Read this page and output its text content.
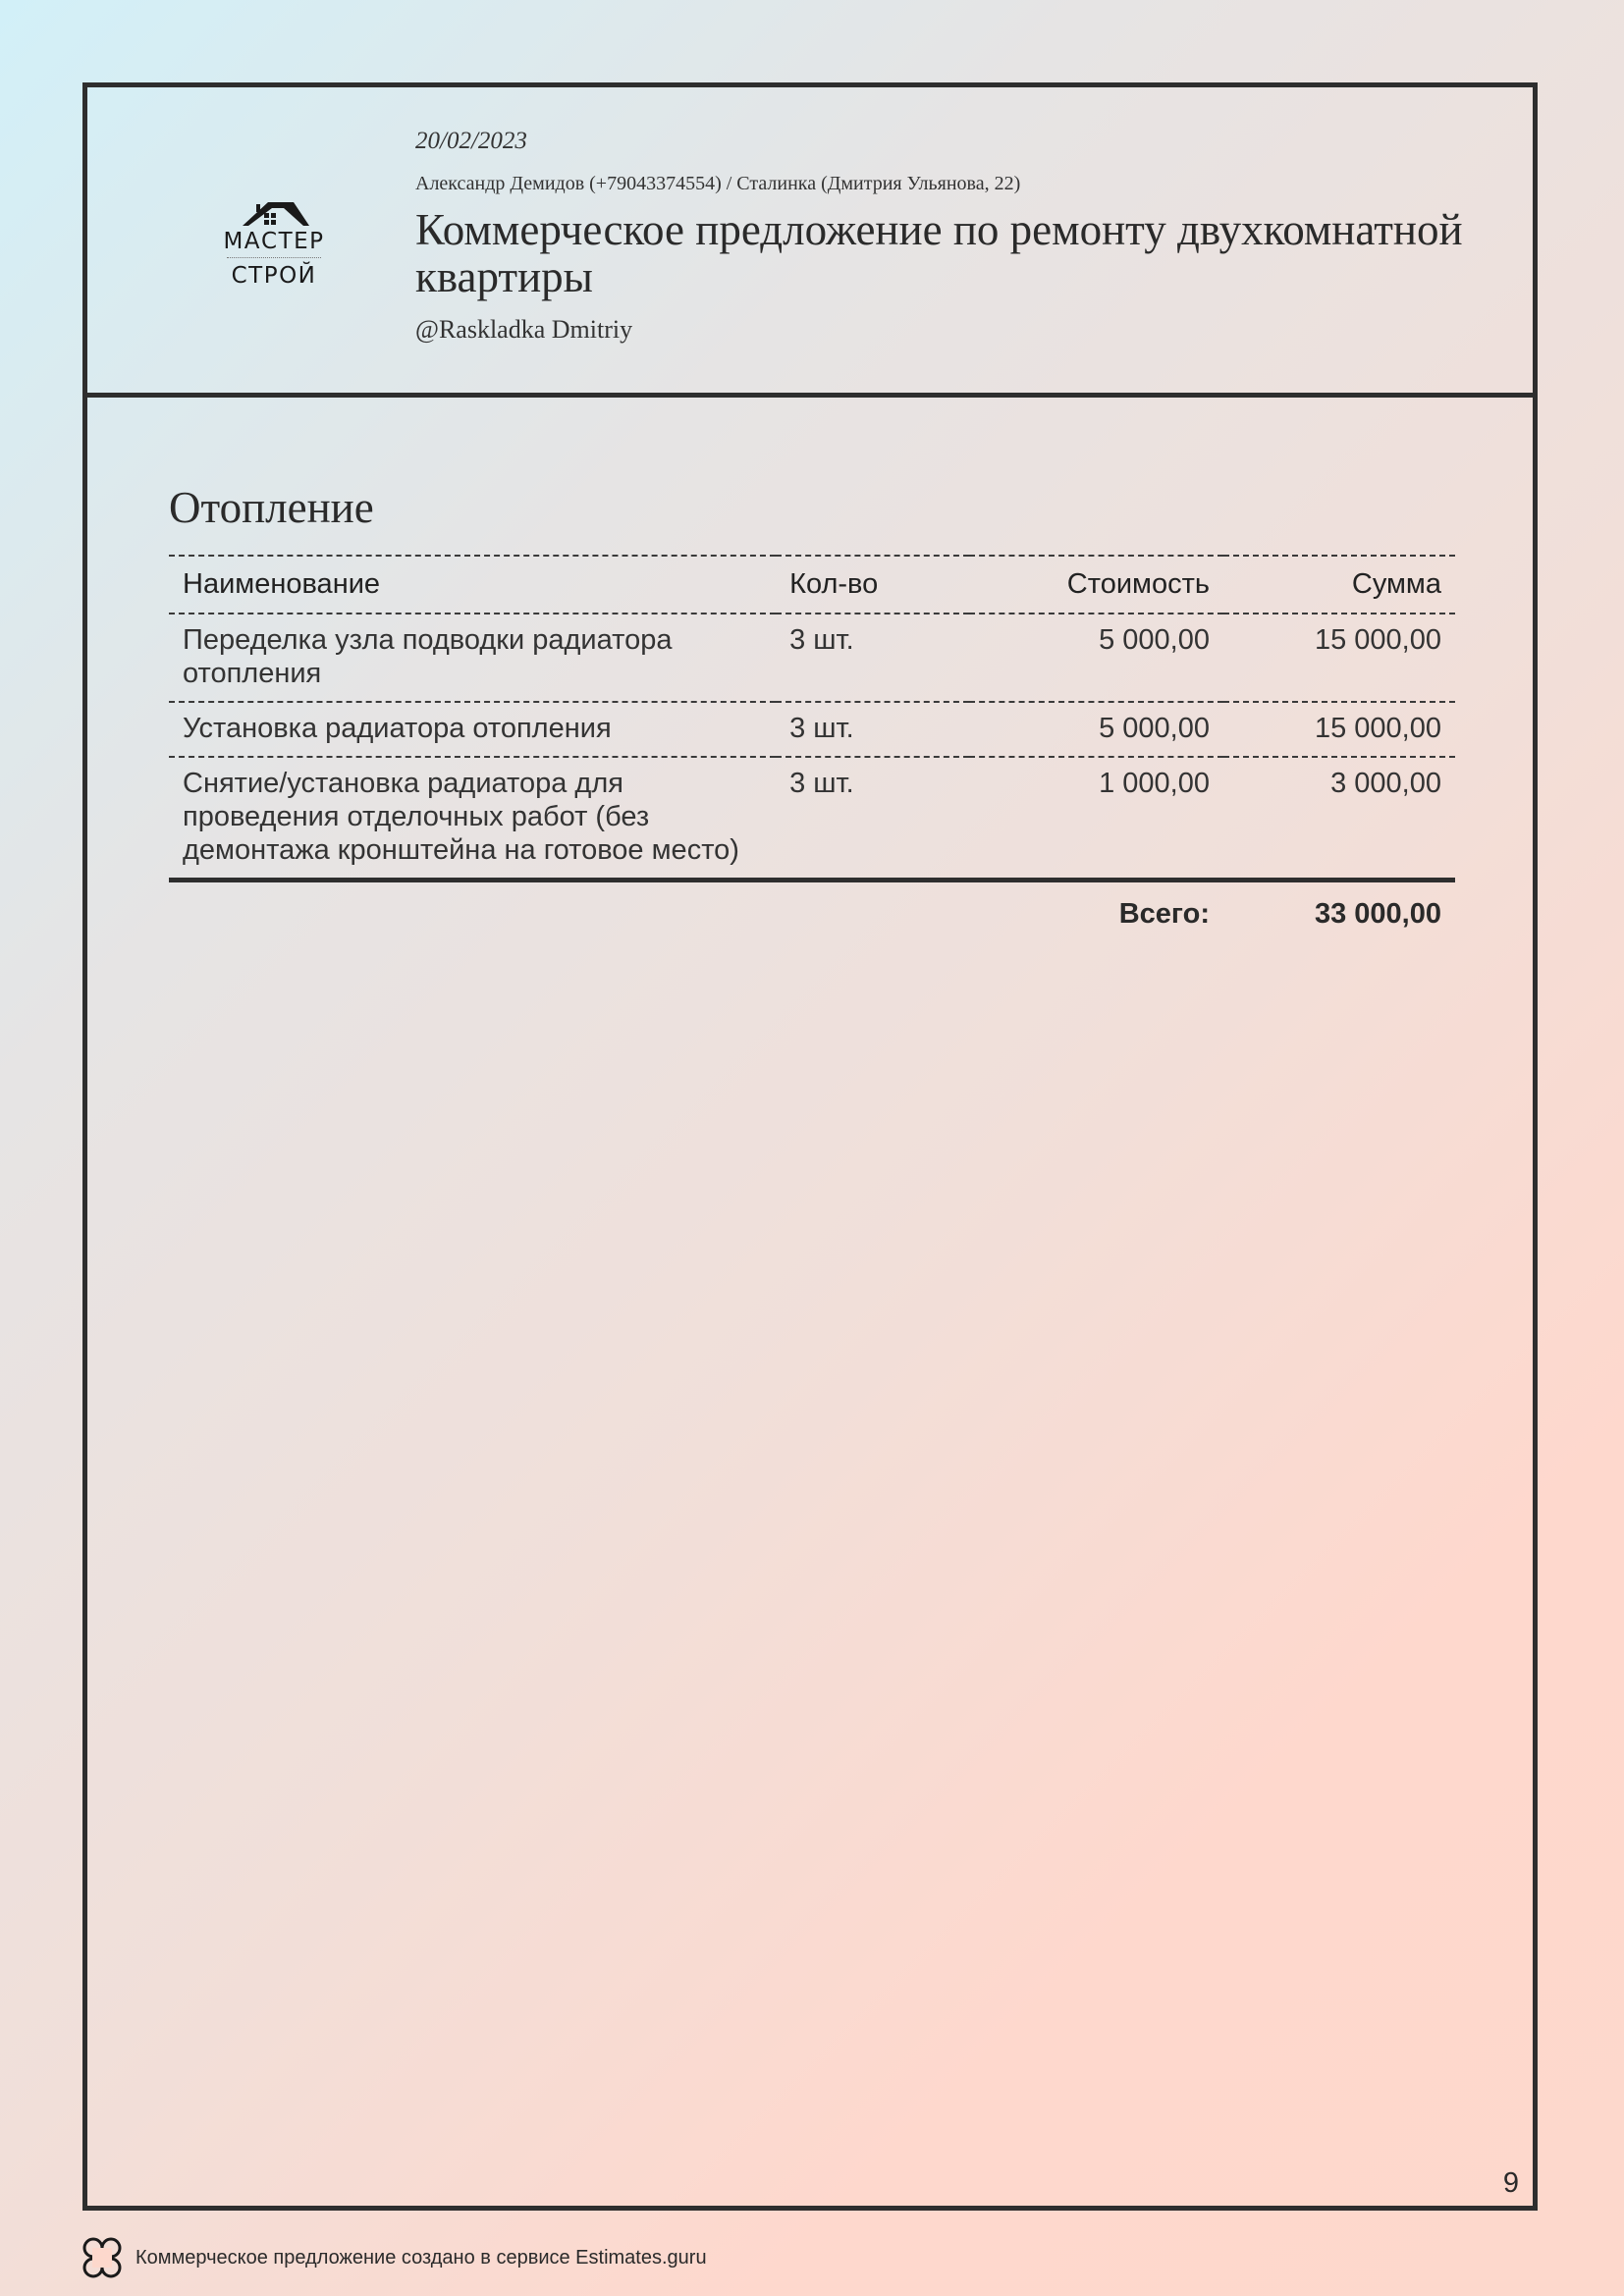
МАСТЕР
СТРОЙ
20/02/2023
Александр Демидов (+79043374554) / Сталинка (Дмитрия Ульянова, 22)
Коммерческое предложение по ремонту двухкомнатной квартиры
@Raskladka Dmitriy
Отопление
Наименование	Кол-во	Стоимость	Сумма
Переделка узла подводки радиатора отопления	3 шт.	5 000,00	15 000,00
Установка радиатора отопления	3 шт.	5 000,00	15 000,00
Снятие/установка радиатора для проведения отделочных работ (без демонтажа кронштейна на готовое место)	3 шт.	1 000,00	3 000,00
Всего:	33 000,00
9
Коммерческое предложение создано в сервисе Estimates.guru
